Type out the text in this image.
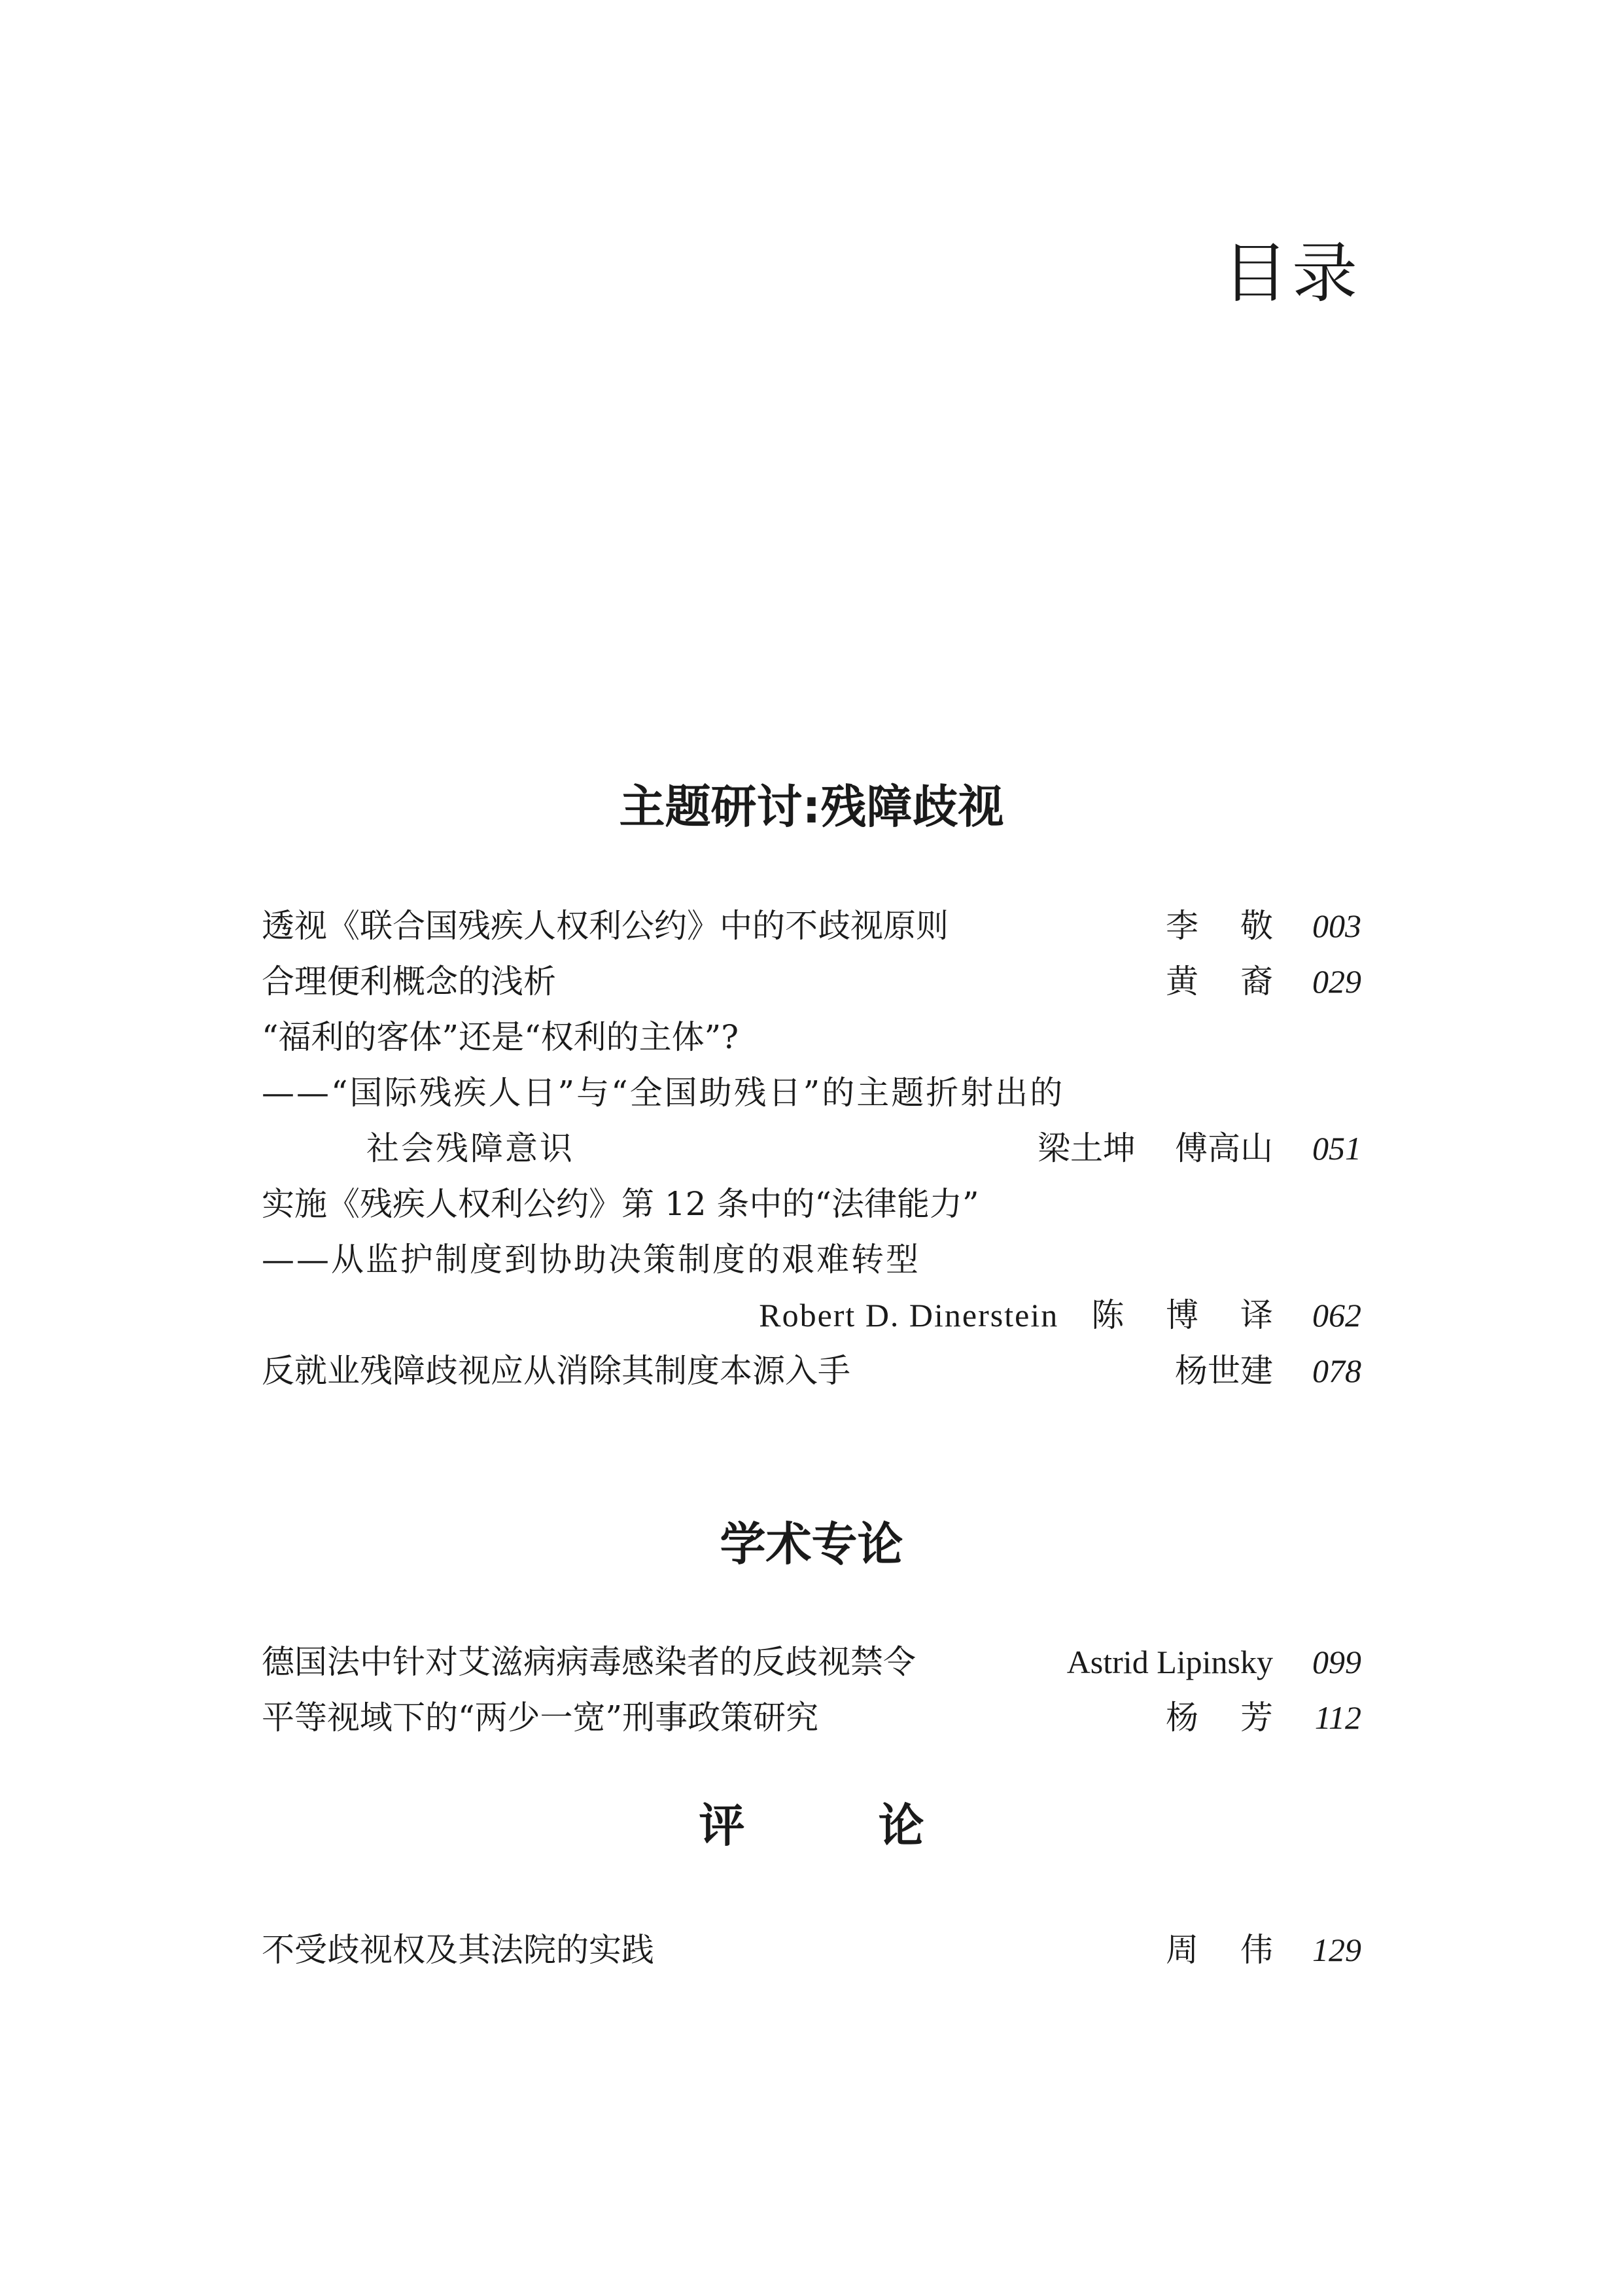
目录
主题研讨:残障歧视
透视《联合国残疾人权利公约》中的不歧视原则	李 敬 003
合理便利概念的浅析	黄 裔 029
“福利的客体”还是“权利的主体”?
——“国际残疾人日”与“全国助残日”的主题折射出的
社会残障意识	梁土坤 傅高山 051
实施《残疾人权利公约》第 12 条中的“法律能力”
——从监护制度到协助决策制度的艰难转型
Robert D. Dinerstein 陈 博 译 062
反就业残障歧视应从消除其制度本源入手	杨世建 078
学术专论
德国法中针对艾滋病病毒感染者的反歧视禁令	Astrid Lipinsky 099
平等视域下的“两少一宽”刑事政策研究	杨 芳 112
评 论
不受歧视权及其法院的实践	周 伟 129
